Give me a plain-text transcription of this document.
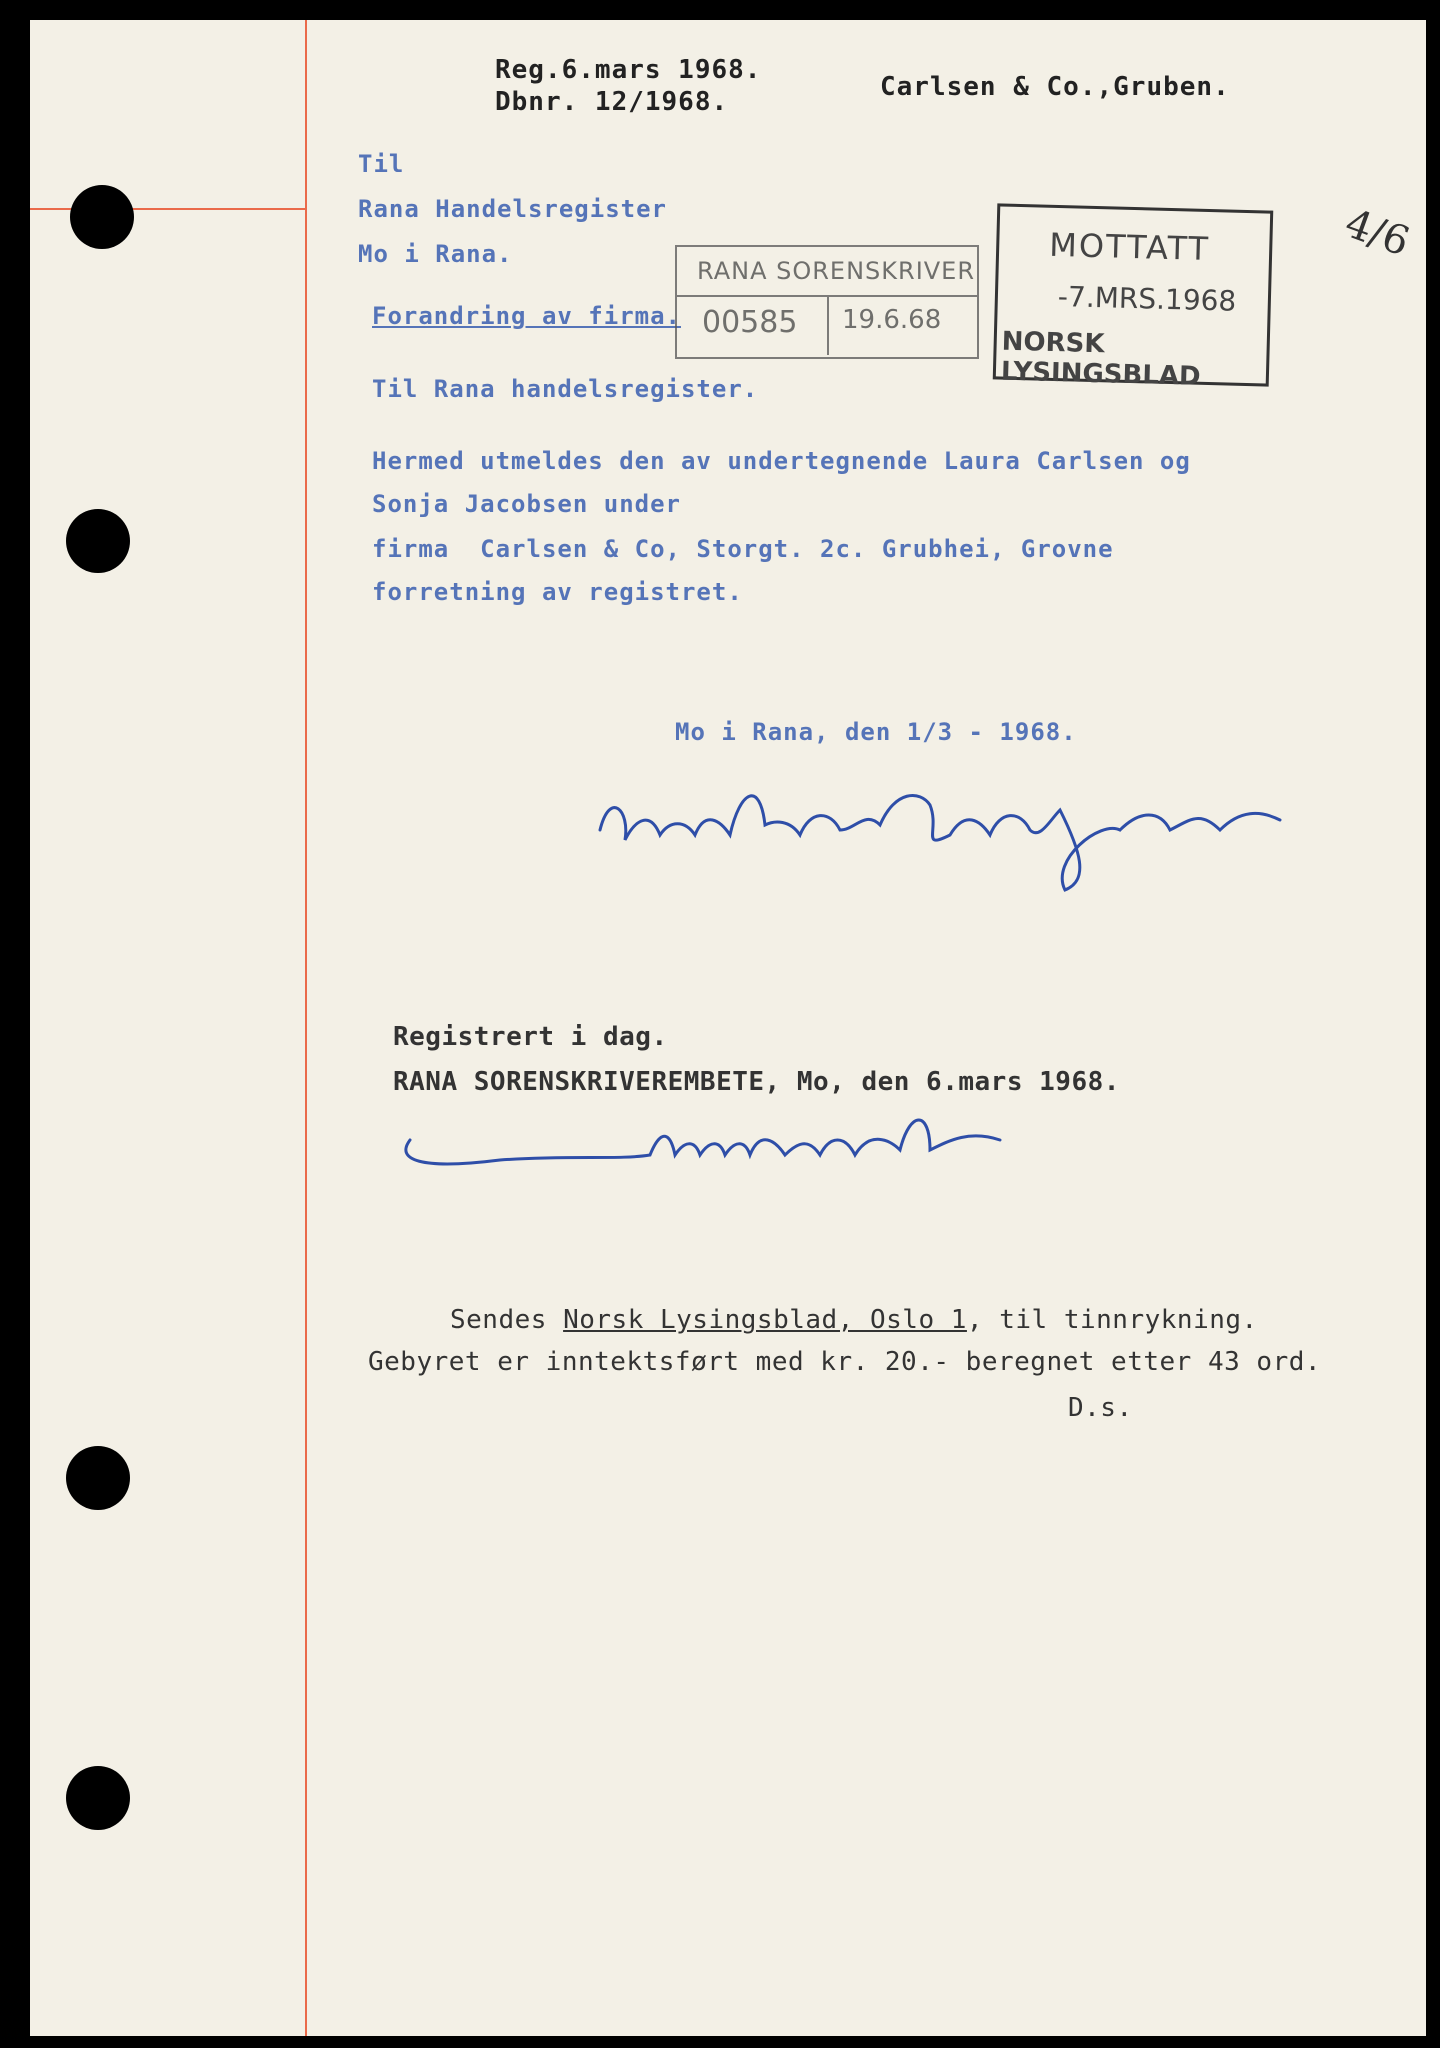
Reg.6.mars 1968.
Dbnr. 12/1968.	Carlsen & Co.,Gruben.
Til
Rana Handelsregister
Mo i Rana.
Forandring av firma.
Til Rana handelsregister.
Hermed utmeldes den av undertegnende Laura Carlsen og
Sonja Jacobsen under
firma  Carlsen & Co, Storgt. 2c. Grubhei, Grovne
forretning av registret.
Mo i Rana, den 1/3 - 1968.
RANA SORENSKRIVER
00585 19.6.68
MOTTATT
-7.MRS.1968
NORSK LYSINGSBLAD
4/6
Registrert i dag.
RANA SORENSKRIVEREMBETE, Mo, den 6.mars 1968.
Sendes Norsk Lysingsblad, Oslo 1, til tinnrykning.
Gebyret er inntektsført med kr. 20.- beregnet etter 43 ord.
D.s.
